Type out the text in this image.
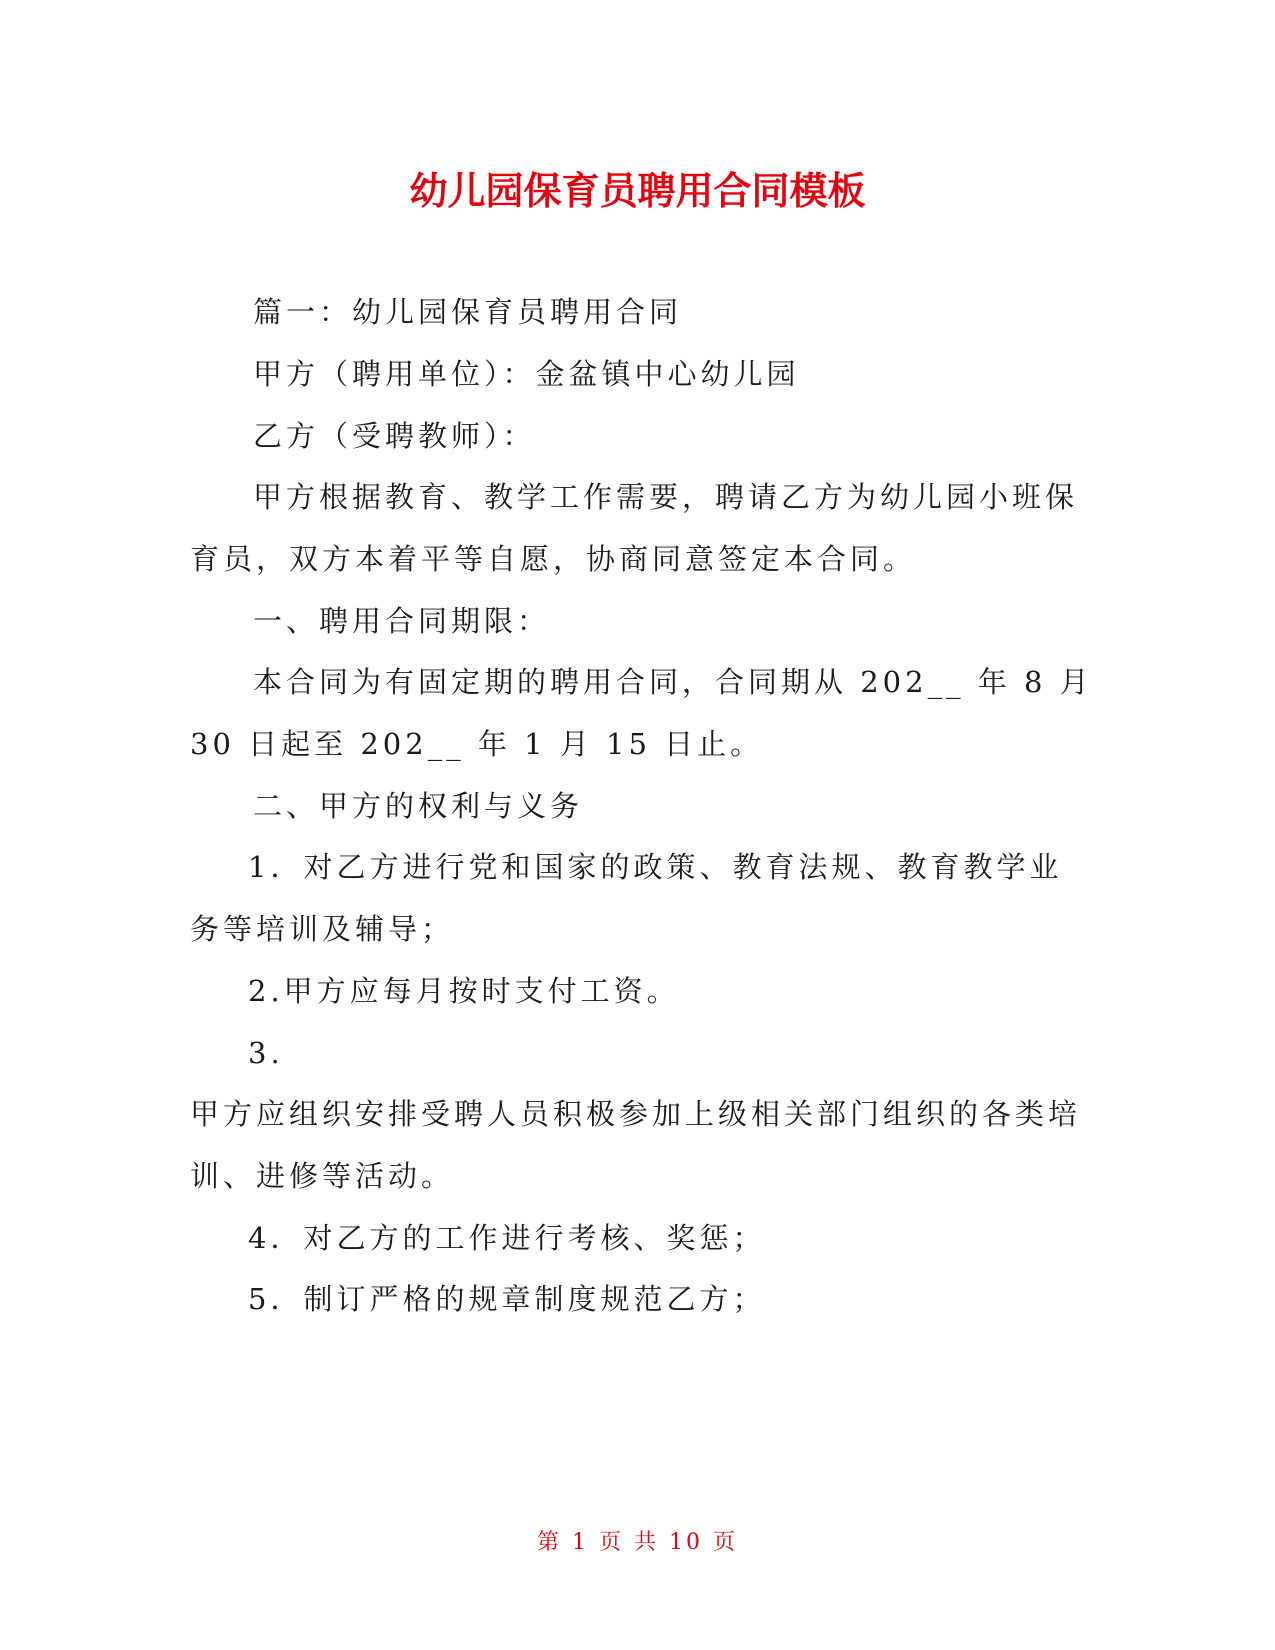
幼儿园保育员聘用合同模板
篇一：幼儿园保育员聘用合同
甲方（聘用单位）：金盆镇中心幼儿园
乙方（受聘教师）：
甲方根据教育、教学工作需要，聘请乙方为幼儿园小班保
育员，双方本着平等自愿，协商同意签定本合同。
一、聘用合同期限：
本合同为有固定期的聘用合同，合同期从 202__ 年 8 月
30 日起至 202__ 年 1 月 15 日止。
二、甲方的权利与义务
1．对乙方进行党和国家的政策、教育法规、教育教学业
务等培训及辅导；
2.甲方应每月按时支付工资。
3.
甲方应组织安排受聘人员积极参加上级相关部门组织的各类培
训、进修等活动。
4．对乙方的工作进行考核、奖惩；
5．制订严格的规章制度规范乙方；
第 1 页 共 10 页
